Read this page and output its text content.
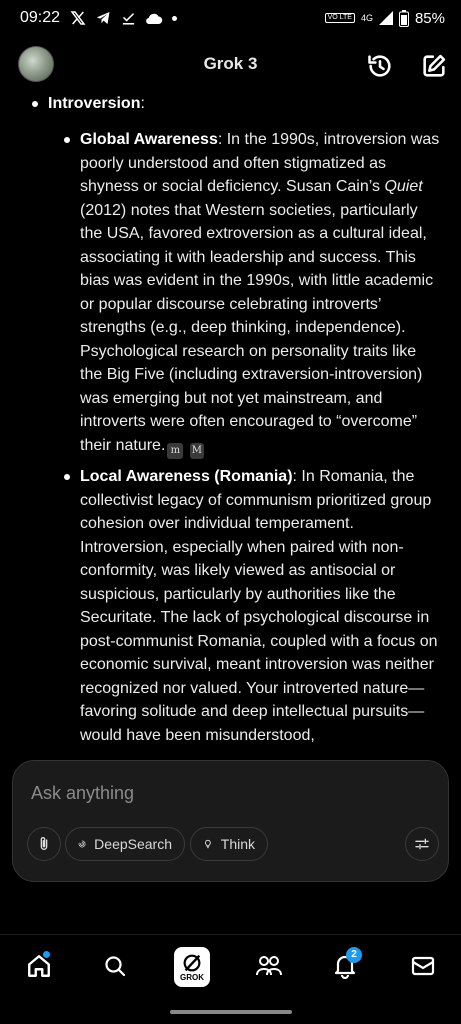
09:22	VO LTE	4G	85%
Grok 3
Introversion:
Global Awareness: In the 1990s, introversion was poorly understood and often stigmatized as shyness or social deficiency. Susan Cain’s Quiet (2012) notes that Western societies, particularly the USA, favored extroversion as a cultural ideal, associating it with leadership and success. This bias was evident in the 1990s, with little academic or popular discourse celebrating introverts’ strengths (e.g., deep thinking, independence). Psychological research on personality traits like the Big Five (including extraversion-introversion) was emerging but not yet mainstream, and introverts were often encouraged to “overcome” their nature. m M
Local Awareness (Romania): In Romania, the collectivist legacy of communism prioritized group cohesion over individual temperament. Introversion, especially when paired with non-conformity, was likely viewed as antisocial or suspicious, particularly by authorities like the Securitate. The lack of psychological discourse in post-communist Romania, coupled with a focus on economic survival, meant introversion was neither recognized nor valued. Your introverted nature—favoring solitude and deep intellectual pursuits—would have been misunderstood,
Ask anything
DeepSearch	Think
GROK
2
